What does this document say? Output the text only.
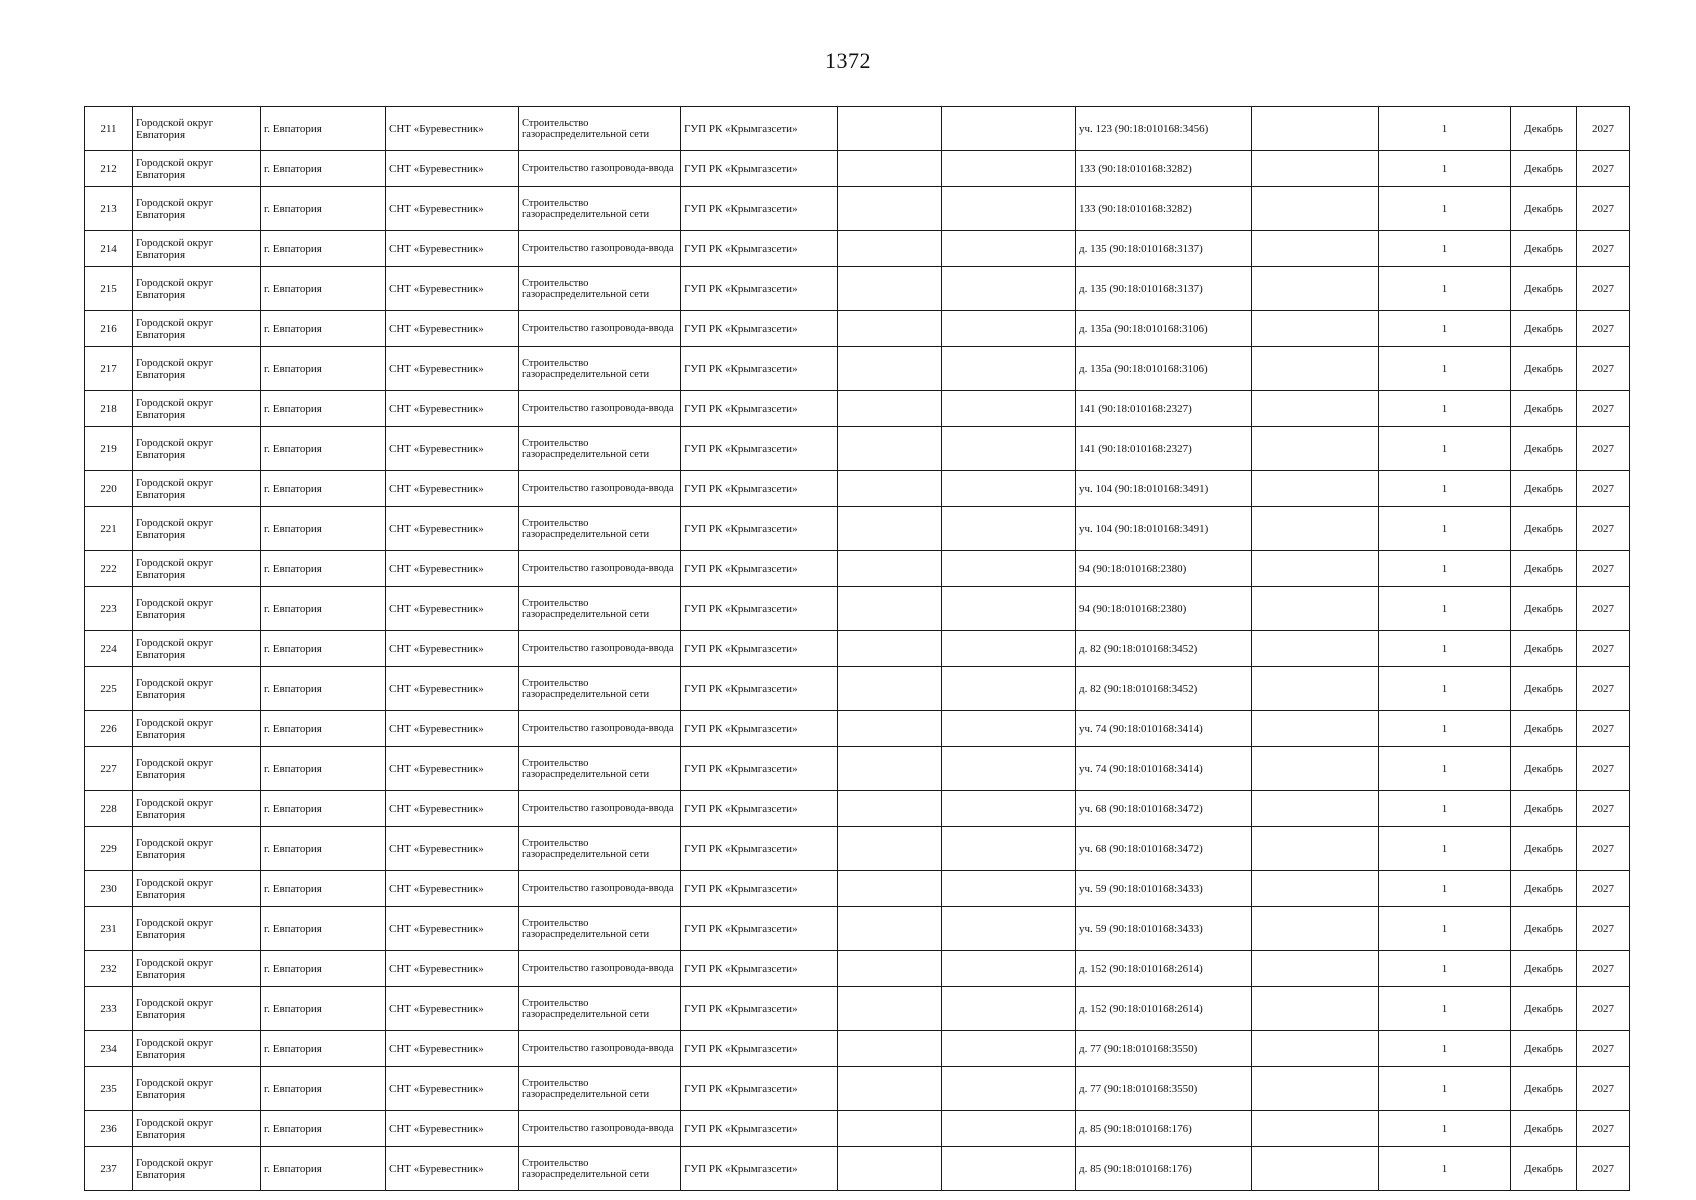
1372
211	Городской округ Евпатория	г. Евпатория	СНТ «Буревестник»	Строительство газораспределительной сети	ГУП РК «Крымгазсети»			уч. 123 (90:18:010168:3456)		1	Декабрь	2027
212	Городской округ Евпатория	г. Евпатория	СНТ «Буревестник»	Строительство газопровода-ввода	ГУП РК «Крымгазсети»			133 (90:18:010168:3282)		1	Декабрь	2027
213	Городской округ Евпатория	г. Евпатория	СНТ «Буревестник»	Строительство газораспределительной сети	ГУП РК «Крымгазсети»			133 (90:18:010168:3282)		1	Декабрь	2027
214	Городской округ Евпатория	г. Евпатория	СНТ «Буревестник»	Строительство газопровода-ввода	ГУП РК «Крымгазсети»			д. 135 (90:18:010168:3137)		1	Декабрь	2027
215	Городской округ Евпатория	г. Евпатория	СНТ «Буревестник»	Строительство газораспределительной сети	ГУП РК «Крымгазсети»			д. 135 (90:18:010168:3137)		1	Декабрь	2027
216	Городской округ Евпатория	г. Евпатория	СНТ «Буревестник»	Строительство газопровода-ввода	ГУП РК «Крымгазсети»			д. 135а (90:18:010168:3106)		1	Декабрь	2027
217	Городской округ Евпатория	г. Евпатория	СНТ «Буревестник»	Строительство газораспределительной сети	ГУП РК «Крымгазсети»			д. 135а (90:18:010168:3106)		1	Декабрь	2027
218	Городской округ Евпатория	г. Евпатория	СНТ «Буревестник»	Строительство газопровода-ввода	ГУП РК «Крымгазсети»			141 (90:18:010168:2327)		1	Декабрь	2027
219	Городской округ Евпатория	г. Евпатория	СНТ «Буревестник»	Строительство газораспределительной сети	ГУП РК «Крымгазсети»			141 (90:18:010168:2327)		1	Декабрь	2027
220	Городской округ Евпатория	г. Евпатория	СНТ «Буревестник»	Строительство газопровода-ввода	ГУП РК «Крымгазсети»			уч. 104 (90:18:010168:3491)		1	Декабрь	2027
221	Городской округ Евпатория	г. Евпатория	СНТ «Буревестник»	Строительство газораспределительной сети	ГУП РК «Крымгазсети»			уч. 104 (90:18:010168:3491)		1	Декабрь	2027
222	Городской округ Евпатория	г. Евпатория	СНТ «Буревестник»	Строительство газопровода-ввода	ГУП РК «Крымгазсети»			94 (90:18:010168:2380)		1	Декабрь	2027
223	Городской округ Евпатория	г. Евпатория	СНТ «Буревестник»	Строительство газораспределительной сети	ГУП РК «Крымгазсети»			94 (90:18:010168:2380)		1	Декабрь	2027
224	Городской округ Евпатория	г. Евпатория	СНТ «Буревестник»	Строительство газопровода-ввода	ГУП РК «Крымгазсети»			д. 82 (90:18:010168:3452)		1	Декабрь	2027
225	Городской округ Евпатория	г. Евпатория	СНТ «Буревестник»	Строительство газораспределительной сети	ГУП РК «Крымгазсети»			д. 82 (90:18:010168:3452)		1	Декабрь	2027
226	Городской округ Евпатория	г. Евпатория	СНТ «Буревестник»	Строительство газопровода-ввода	ГУП РК «Крымгазсети»			уч. 74 (90:18:010168:3414)		1	Декабрь	2027
227	Городской округ Евпатория	г. Евпатория	СНТ «Буревестник»	Строительство газораспределительной сети	ГУП РК «Крымгазсети»			уч. 74 (90:18:010168:3414)		1	Декабрь	2027
228	Городской округ Евпатория	г. Евпатория	СНТ «Буревестник»	Строительство газопровода-ввода	ГУП РК «Крымгазсети»			уч. 68 (90:18:010168:3472)		1	Декабрь	2027
229	Городской округ Евпатория	г. Евпатория	СНТ «Буревестник»	Строительство газораспределительной сети	ГУП РК «Крымгазсети»			уч. 68 (90:18:010168:3472)		1	Декабрь	2027
230	Городской округ Евпатория	г. Евпатория	СНТ «Буревестник»	Строительство газопровода-ввода	ГУП РК «Крымгазсети»			уч. 59 (90:18:010168:3433)		1	Декабрь	2027
231	Городской округ Евпатория	г. Евпатория	СНТ «Буревестник»	Строительство газораспределительной сети	ГУП РК «Крымгазсети»			уч. 59 (90:18:010168:3433)		1	Декабрь	2027
232	Городской округ Евпатория	г. Евпатория	СНТ «Буревестник»	Строительство газопровода-ввода	ГУП РК «Крымгазсети»			д. 152 (90:18:010168:2614)		1	Декабрь	2027
233	Городской округ Евпатория	г. Евпатория	СНТ «Буревестник»	Строительство газораспределительной сети	ГУП РК «Крымгазсети»			д. 152 (90:18:010168:2614)		1	Декабрь	2027
234	Городской округ Евпатория	г. Евпатория	СНТ «Буревестник»	Строительство газопровода-ввода	ГУП РК «Крымгазсети»			д. 77 (90:18:010168:3550)		1	Декабрь	2027
235	Городской округ Евпатория	г. Евпатория	СНТ «Буревестник»	Строительство газораспределительной сети	ГУП РК «Крымгазсети»			д. 77 (90:18:010168:3550)		1	Декабрь	2027
236	Городской округ Евпатория	г. Евпатория	СНТ «Буревестник»	Строительство газопровода-ввода	ГУП РК «Крымгазсети»			д. 85 (90:18:010168:176)		1	Декабрь	2027
237	Городской округ Евпатория	г. Евпатория	СНТ «Буревестник»	Строительство газораспределительной сети	ГУП РК «Крымгазсети»			д. 85 (90:18:010168:176)		1	Декабрь	2027
